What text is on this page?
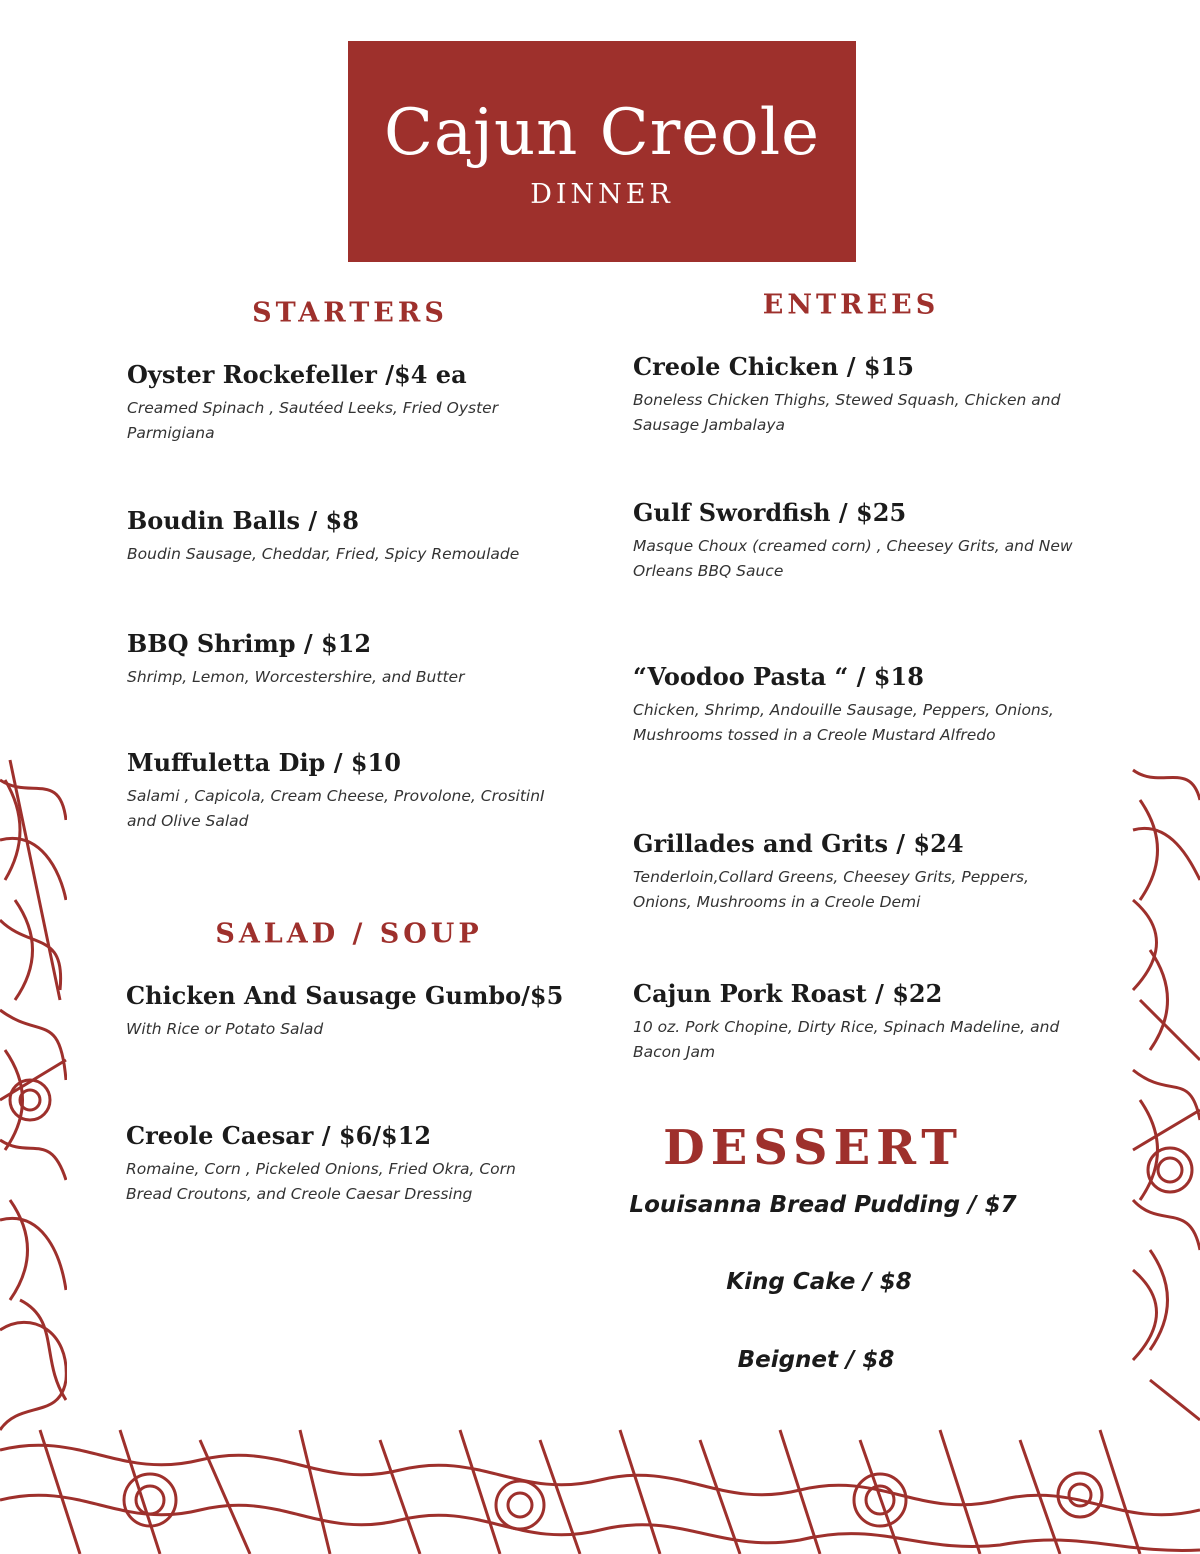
Cajun Creole
DINNER
STARTERS
Oyster Rockefeller /$4 ea
Creamed Spinach , Sautéed Leeks, Fried Oyster Parmigiana
Boudin Balls / $8
Boudin Sausage, Cheddar, Fried, Spicy Remoulade
BBQ Shrimp / $12
Shrimp, Lemon, Worcestershire, and Butter
Muffuletta Dip / $10
Salami , Capicola, Cream Cheese, Provolone, CrositinI and Olive Salad
SALAD / SOUP
Chicken And Sausage Gumbo/$5
With Rice or Potato Salad
Creole Caesar / $6/$12
Romaine, Corn , Pickeled Onions, Fried Okra, Corn Bread Croutons, and Creole Caesar Dressing
ENTREES
Creole Chicken / $15
Boneless Chicken Thighs, Stewed Squash, Chicken and Sausage Jambalaya
Gulf Swordfish / $25
Masque Choux (creamed corn) , Cheesey Grits, and New Orleans BBQ Sauce
“Voodoo Pasta “ / $18
Chicken, Shrimp, Andouille Sausage, Peppers, Onions, Mushrooms tossed in a Creole Mustard Alfredo
Grillades and Grits / $24
Tenderloin,Collard Greens, Cheesey Grits, Peppers, Onions, Mushrooms in a Creole Demi
Cajun Pork Roast / $22
10 oz. Pork Chopine, Dirty Rice, Spinach Madeline, and Bacon Jam
DESSERT
Louisanna Bread Pudding / $7
King Cake / $8
Beignet / $8
